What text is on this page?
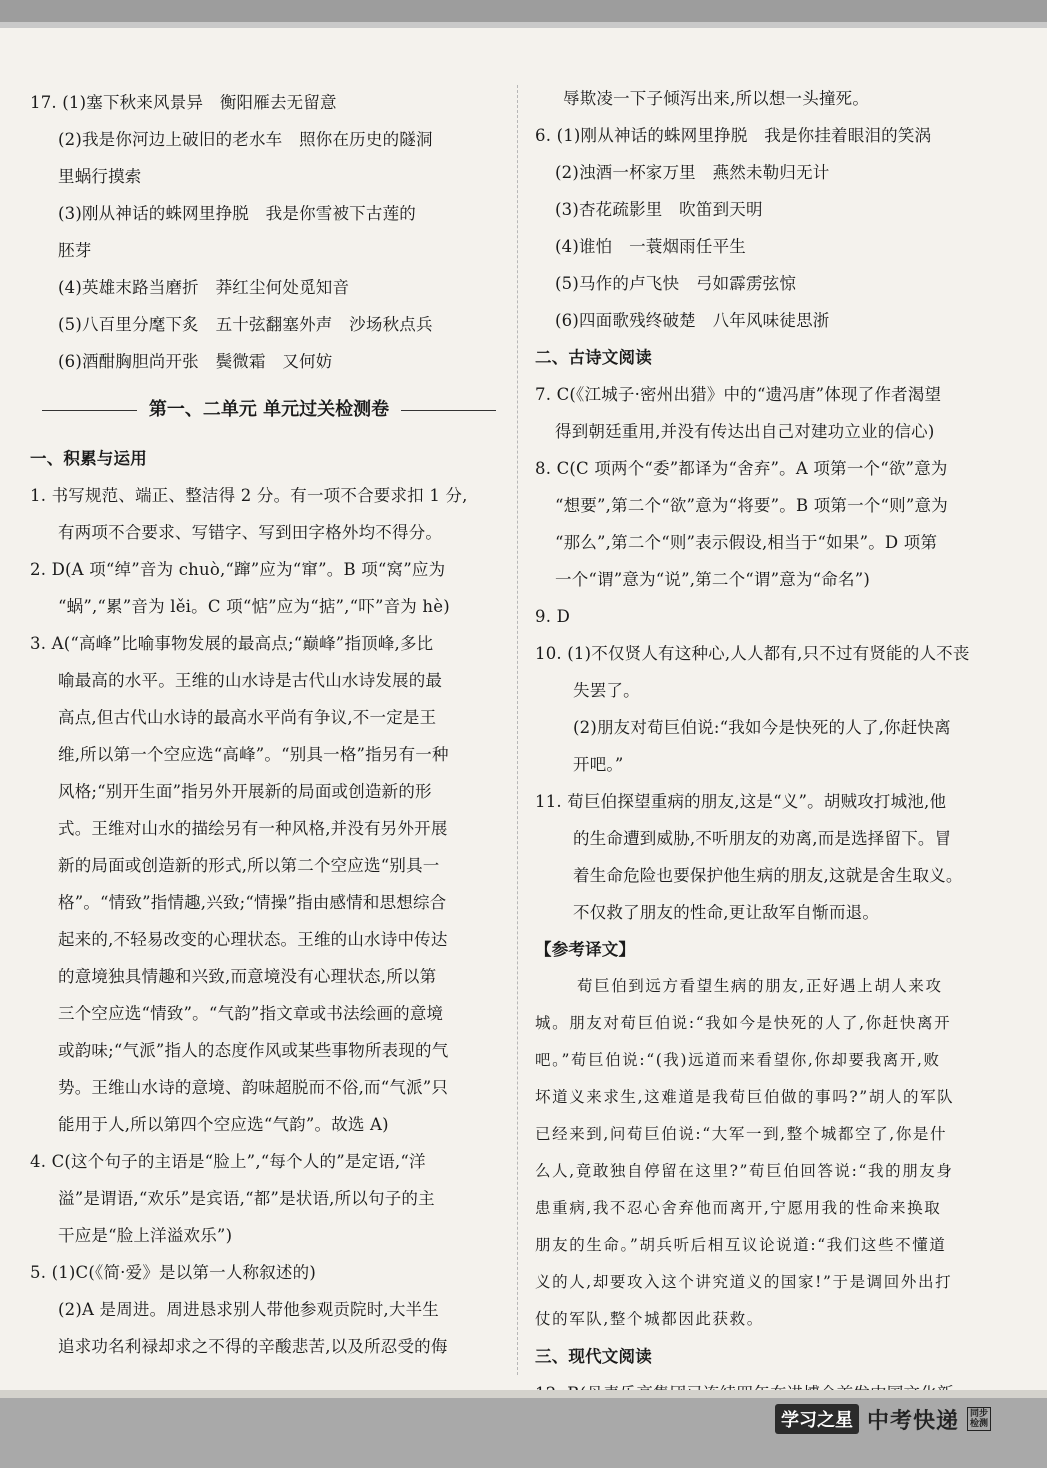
17. (1)塞下秋来风景异　衡阳雁去无留意
(2)我是你河边上破旧的老水车　照你在历史的隧洞
里蜗行摸索
(3)刚从神话的蛛网里挣脱　我是你雪被下古莲的
胚芽
(4)英雄末路当磨折　莽红尘何处觅知音
(5)八百里分麾下炙　五十弦翻塞外声　沙场秋点兵
(6)酒酣胸胆尚开张　鬓微霜　又何妨
第一、二单元 单元过关检测卷
一、积累与运用
1. 书写规范、端正、整洁得 2 分。有一项不合要求扣 1 分,
有两项不合要求、写错字、写到田字格外均不得分。
2. D(A 项“绰”音为 chuò,“蹿”应为“窜”。B 项“窝”应为
“蜗”,“累”音为 lěi。C 项“惦”应为“掂”,“吓”音为 hè)
3. A(“高峰”比喻事物发展的最高点;“巅峰”指顶峰,多比
喻最高的水平。王维的山水诗是古代山水诗发展的最
高点,但古代山水诗的最高水平尚有争议,不一定是王
维,所以第一个空应选“高峰”。“别具一格”指另有一种
风格;“别开生面”指另外开展新的局面或创造新的形
式。王维对山水的描绘另有一种风格,并没有另外开展
新的局面或创造新的形式,所以第二个空应选“别具一
格”。“情致”指情趣,兴致;“情操”指由感情和思想综合
起来的,不轻易改变的心理状态。王维的山水诗中传达
的意境独具情趣和兴致,而意境没有心理状态,所以第
三个空应选“情致”。“气韵”指文章或书法绘画的意境
或韵味;“气派”指人的态度作风或某些事物所表现的气
势。王维山水诗的意境、韵味超脱而不俗,而“气派”只
能用于人,所以第四个空应选“气韵”。故选 A)
4. C(这个句子的主语是“脸上”,“每个人的”是定语,“洋
溢”是谓语,“欢乐”是宾语,“都”是状语,所以句子的主
干应是“脸上洋溢欢乐”)
5. (1)C(《简·爱》是以第一人称叙述的)
(2)A 是周进。周进恳求别人带他参观贡院时,大半生
追求功名利禄却求之不得的辛酸悲苦,以及所忍受的侮
辱欺凌一下子倾泻出来,所以想一头撞死。
6. (1)刚从神话的蛛网里挣脱　我是你挂着眼泪的笑涡
(2)浊酒一杯家万里　燕然未勒归无计
(3)杏花疏影里　吹笛到天明
(4)谁怕　一蓑烟雨任平生
(5)马作的卢飞快　弓如霹雳弦惊
(6)四面歌残终破楚　八年风味徒思浙
二、古诗文阅读
7. C(《江城子·密州出猎》中的“遗冯唐”体现了作者渴望
得到朝廷重用,并没有传达出自己对建功立业的信心)
8. C(C 项两个“委”都译为“舍弃”。A 项第一个“欲”意为
“想要”,第二个“欲”意为“将要”。B 项第一个“则”意为
“那么”,第二个“则”表示假设,相当于“如果”。D 项第
一个“谓”意为“说”,第二个“谓”意为“命名”)
9. D
10. (1)不仅贤人有这种心,人人都有,只不过有贤能的人不丧
失罢了。
(2)朋友对荀巨伯说:“我如今是快死的人了,你赶快离
开吧。”
11. 荀巨伯探望重病的朋友,这是“义”。胡贼攻打城池,他
的生命遭到威胁,不听朋友的劝离,而是选择留下。冒
着生命危险也要保护他生病的朋友,这就是舍生取义。
不仅救了朋友的性命,更让敌军自惭而退。
【参考译文】
荀巨伯到远方看望生病的朋友,正好遇上胡人来攻
城。朋友对荀巨伯说:“我如今是快死的人了,你赶快离开
吧。”荀巨伯说:“(我)远道而来看望你,你却要我离开,败
坏道义来求生,这难道是我荀巨伯做的事吗?”胡人的军队
已经来到,问荀巨伯说:“大军一到,整个城都空了,你是什
么人,竟敢独自停留在这里?”荀巨伯回答说:“我的朋友身
患重病,我不忍心舍弃他而离开,宁愿用我的性命来换取
朋友的生命。”胡兵听后相互议论说道:“我们这些不懂道
义的人,却要攻入这个讲究道义的国家!”于是调回外出打
仗的军队,整个城都因此获救。
三、现代文阅读
学习之星 中考快递	同步检测
